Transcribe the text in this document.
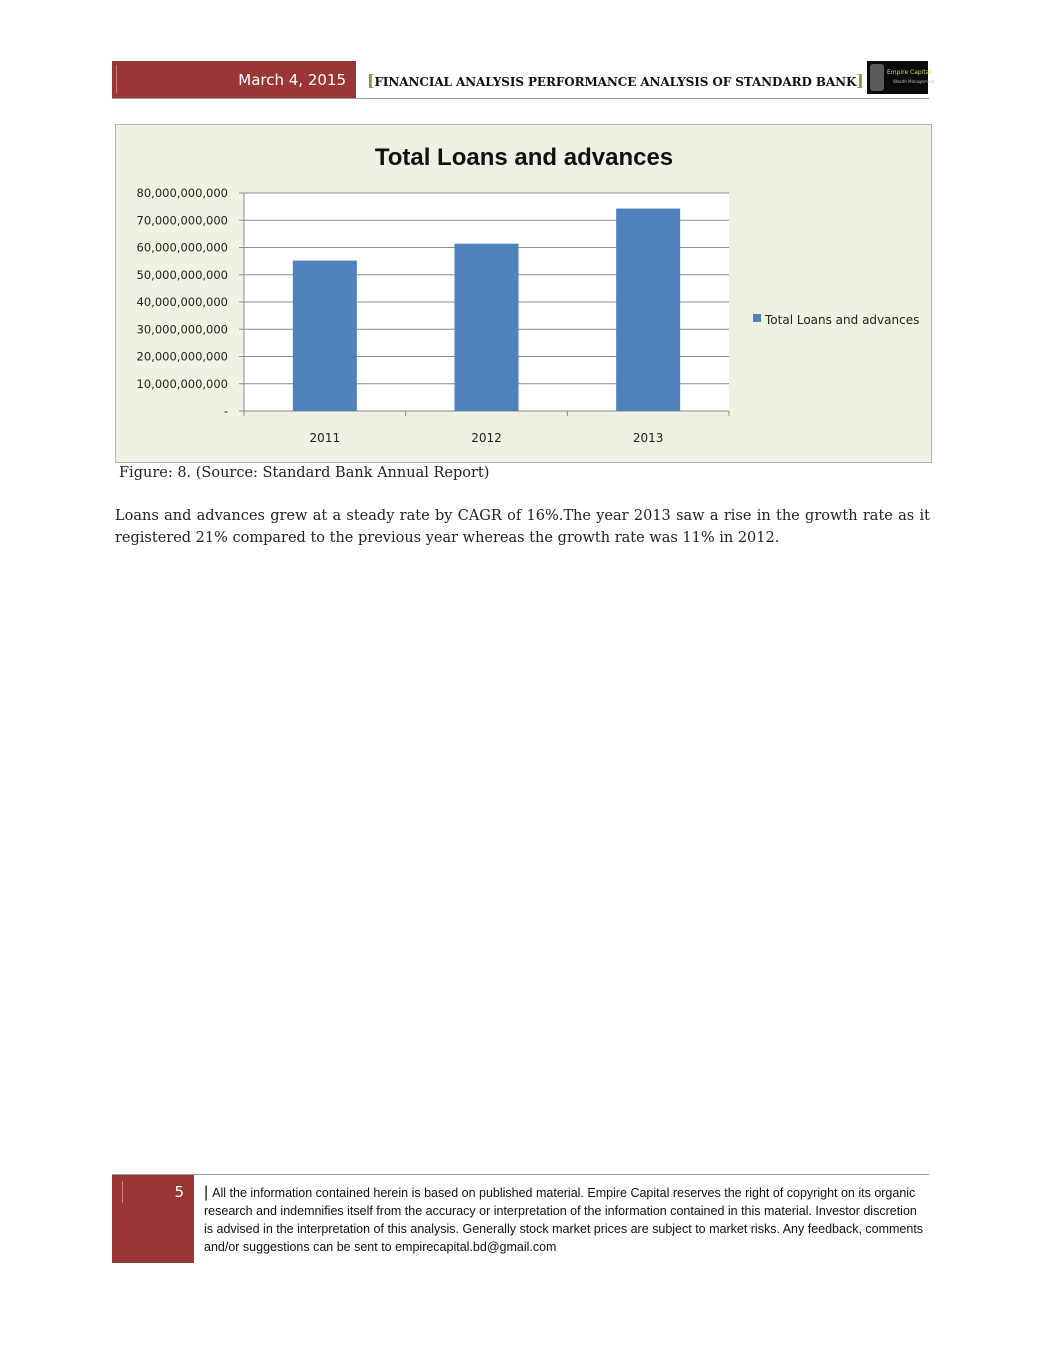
March 4, 2015 [FINANCIAL ANALYSIS PERFORMANCE ANALYSIS OF STANDARD BANK]	Empire Capital
Wealth Management
Total Loans and advances
-
10,000,000,000
20,000,000,000
30,000,000,000
40,000,000,000
50,000,000,000
60,000,000,000
70,000,000,000
80,000,000,000
2011	2012	2013
Total Loans and advances
Figure: 8. (Source: Standard Bank Annual Report)
Loans and advances grew at a steady rate by CAGR of 16%.The year 2013 saw a rise in the growth rate as it registered 21% compared to the previous year whereas the growth rate was 11% in 2012.
5 | All the information contained herein is based on published material. Empire Capital reserves the right of copyright on its organic research and indemnifies itself from the accuracy or interpretation of the information contained in this material. Investor discretion is advised in the interpretation of this analysis. Generally stock market prices are subject to market risks. Any feedback, comments and/or suggestions can be sent to empirecapital.bd@gmail.com
